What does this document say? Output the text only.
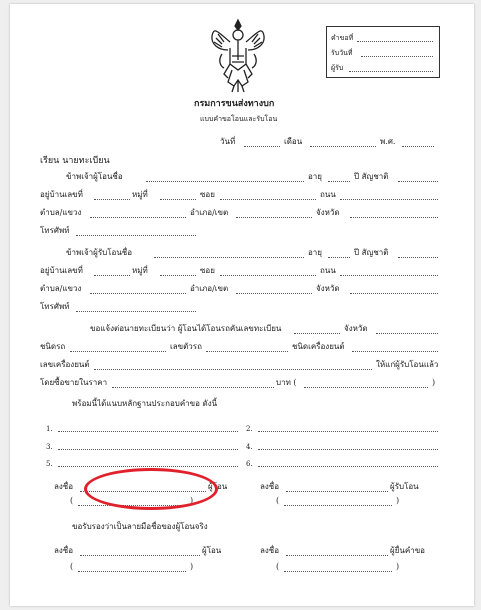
คำขอที่
รับวันที่
ผู้รับ
กรมการขนส่งทางบก
แบบคำขอโอนและรับโอน
วันที่	เดือน	พ.ศ.
เรียน นายทะเบียน
ข้าพเจ้าผู้โอนชื่อ	อายุ	ปี สัญชาติ
อยู่บ้านเลขที่	หมู่ที่	ซอย	ถนน
ตำบล/แขวง	อำเภอ/เขต	จังหวัด
โทรศัพท์
ข้าพเจ้าผู้รับโอนชื่อ	อายุ	ปี สัญชาติ
อยู่บ้านเลขที่	หมู่ที่	ซอย	ถนน
ตำบล/แขวง	อำเภอ/เขต	จังหวัด
โทรศัพท์
ขอแจ้งต่อนายทะเบียนว่า ผู้โอนได้โอนรถคันเลขทะเบียน	จังหวัด
ชนิดรถ	เลขตัวรถ	ชนิดเครื่องยนต์
เลขเครื่องยนต์	ให้แก่ผู้รับโอนแล้ว
โดยซื้อขายในราคา	บาท (	)
พร้อมนี้ได้แนบหลักฐานประกอบคำขอ ดังนี้
1.	2.
3.	4.
5.	6.
ลงชื่อ	ผู้โอน
(	)
ลงชื่อ	ผู้รับโอน
(	)
ขอรับรองว่าเป็นลายมือชื่อของผู้โอนจริง
ลงชื่อ	ผู้โอน
(	)
ลงชื่อ	ผู้ยื่นคำขอ
(	)
